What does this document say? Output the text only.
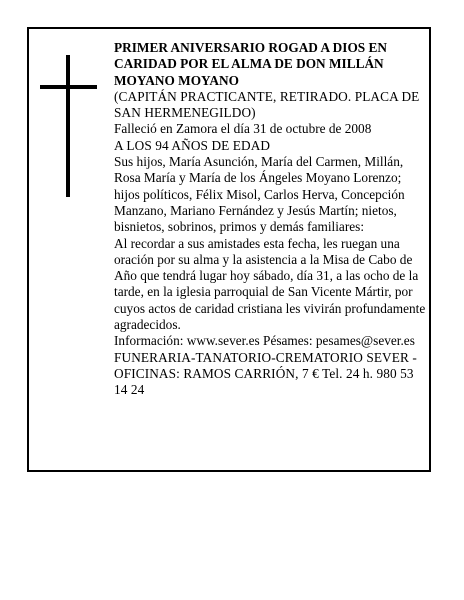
PRIMER ANIVERSARIO ROGAD A DIOS EN CARIDAD POR EL ALMA DE DON MILLÁN MOYANO MOYANO

(CAPITÁN PRACTICANTE, RETIRADO. PLACA DE SAN HERMENEGILDO)

Falleció en Zamora el día 31 de octubre de 2008

A LOS 94 AÑOS DE EDAD

Sus hijos, María Asunción, María del Carmen, Millán, Rosa María y María de los Ángeles Moyano Lorenzo; hijos políticos, Félix Misol, Carlos Herva, Concepción Manzano, Mariano Fernández y Jesús Martín; nietos, bisnietos, sobrinos, primos y demás familiares:

Al recordar a sus amistades esta fecha, les ruegan una oración por su alma y la asistencia a la Misa de Cabo de Año que tendrá lugar hoy sábado, día 31, a las ocho de la tarde, en la iglesia parroquial de San Vicente Mártir, por cuyos actos de caridad cristiana les vivirán profundamente agradecidos.

Información: www.sever.es Pésames: pesames@sever.es

FUNERARIA-TANATORIO-CREMATORIO SEVER - OFICINAS: RAMOS CARRIÓN, 7 € Tel. 24 h. 980 53 14 24
